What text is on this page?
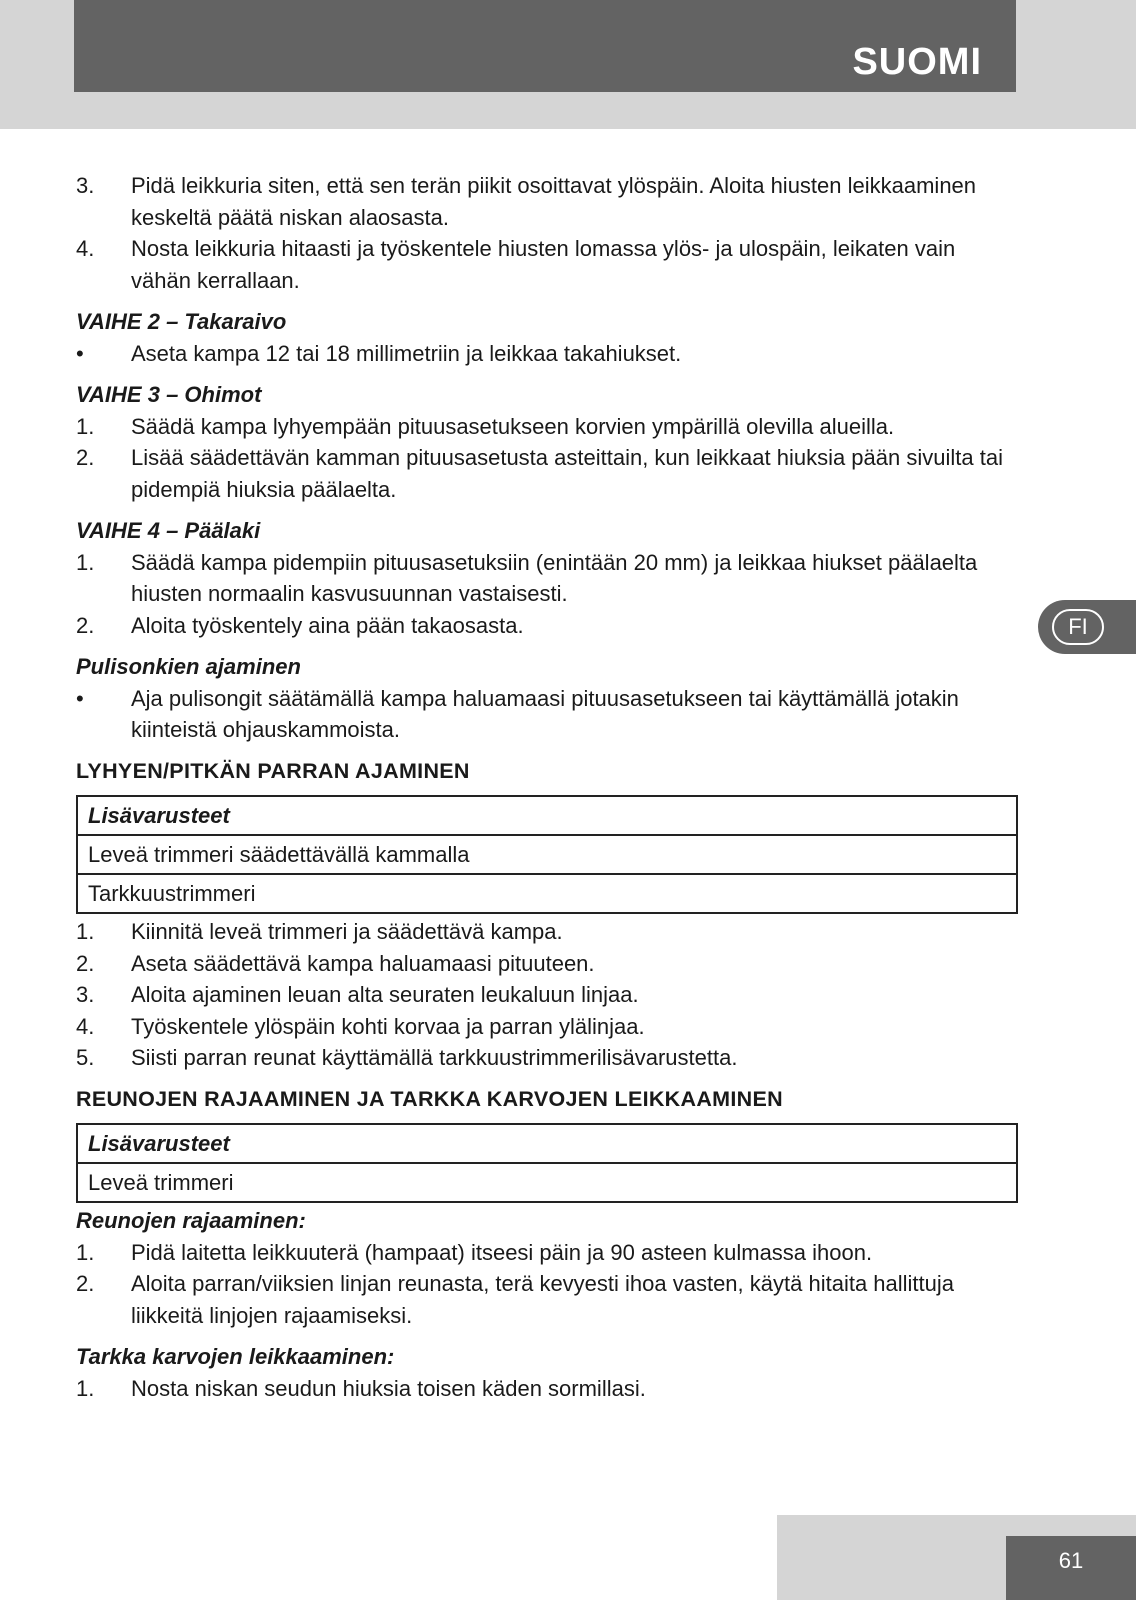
SUOMI
3. Pidä leikkuria siten, että sen terän piikit osoittavat ylöspäin. Aloita hiusten leikkaaminen keskeltä päätä niskan alaosasta.
4. Nosta leikkuria hitaasti ja työskentele hiusten lomassa ylös- ja ulospäin, leikaten vain vähän kerrallaan.
VAIHE 2 – Takaraivo
• Aseta kampa 12 tai 18 millimetriin ja leikkaa takahiukset.
VAIHE 3 – Ohimot
1. Säädä kampa lyhyempään pituusasetukseen korvien ympärillä olevilla alueilla.
2. Lisää säädettävän kamman pituusasetusta asteittain, kun leikkaat hiuksia pään sivuilta tai pidempiä hiuksia päälaelta.
VAIHE 4 – Päälaki
1. Säädä kampa pidempiin pituusasetuksiin (enintään 20 mm) ja leikkaa hiukset päälaelta hiusten normaalin kasvusuunnan vastaisesti.
2. Aloita työskentely aina pään takaosasta.
Pulisonkien ajaminen
• Aja pulisongit säätämällä kampa haluamaasi pituusasetukseen tai käyttämällä jotakin kiinteistä ohjauskammoista.
LYHYEN/PITKÄN PARRAN AJAMINEN
Lisävarusteet
Leveä trimmeri säädettävällä kammalla
Tarkkuustrimmeri
1. Kiinnitä leveä trimmeri ja säädettävä kampa.
2. Aseta säädettävä kampa haluamaasi pituuteen.
3. Aloita ajaminen leuan alta seuraten leukaluun linjaa.
4. Työskentele ylöspäin kohti korvaa ja parran ylälinjaa.
5. Siisti parran reunat käyttämällä tarkkuustrimmerilisävarustetta.
REUNOJEN RAJAAMINEN JA TARKKA KARVOJEN LEIKKAAMINEN
Lisävarusteet
Leveä trimmeri
Reunojen rajaaminen:
1. Pidä laitetta leikkuuterä (hampaat) itseesi päin ja 90 asteen kulmassa ihoon.
2. Aloita parran/viiksien linjan reunasta, terä kevyesti ihoa vasten, käytä hitaita hallittuja liikkeitä linjojen rajaamiseksi.
Tarkka karvojen leikkaaminen:
1. Nosta niskan seudun hiuksia toisen käden sormillasi.
FI
61
